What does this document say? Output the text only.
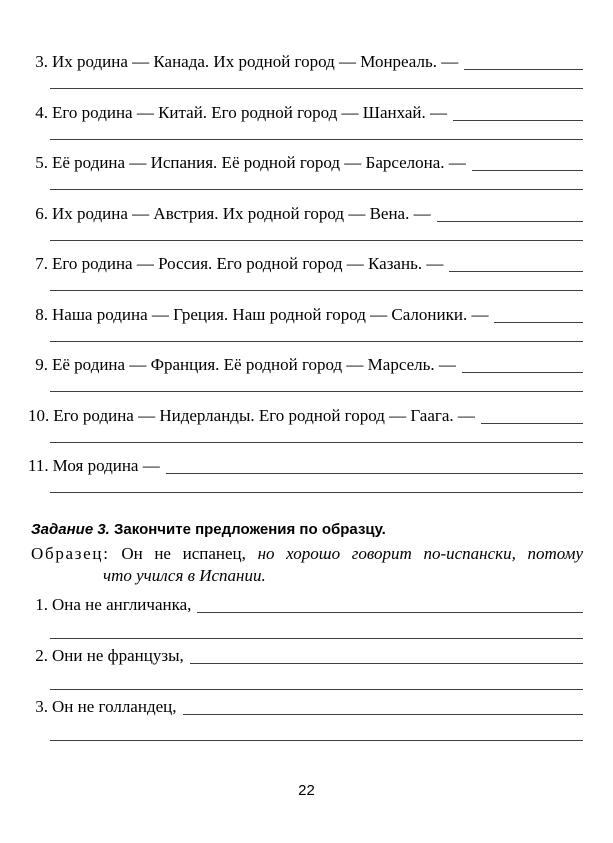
3. Их родина — Канада. Их родной город — Монреаль. —
4. Его родина — Китай. Его родной город — Шанхай. —
5. Её родина — Испания. Её родной город — Барселона. —
6. Их родина — Австрия. Их родной город — Вена. —
7. Его родина — Россия. Его родной город — Казань. —
8. Наша родина — Греция. Наш родной город — Салоники. —
9. Её родина — Франция. Её родной город — Марсель. —
10. Его родина — Нидерланды. Его родной город — Гаага. —
11. Моя родина —

Задание 3. Закончите предложения по образцу.

Образец: Он не испанец, но хорошо говорит по-испански, потому
что учился в Испании.

1. Она не англичанка,
2. Они не французы,
3. Он не голландец,
22
